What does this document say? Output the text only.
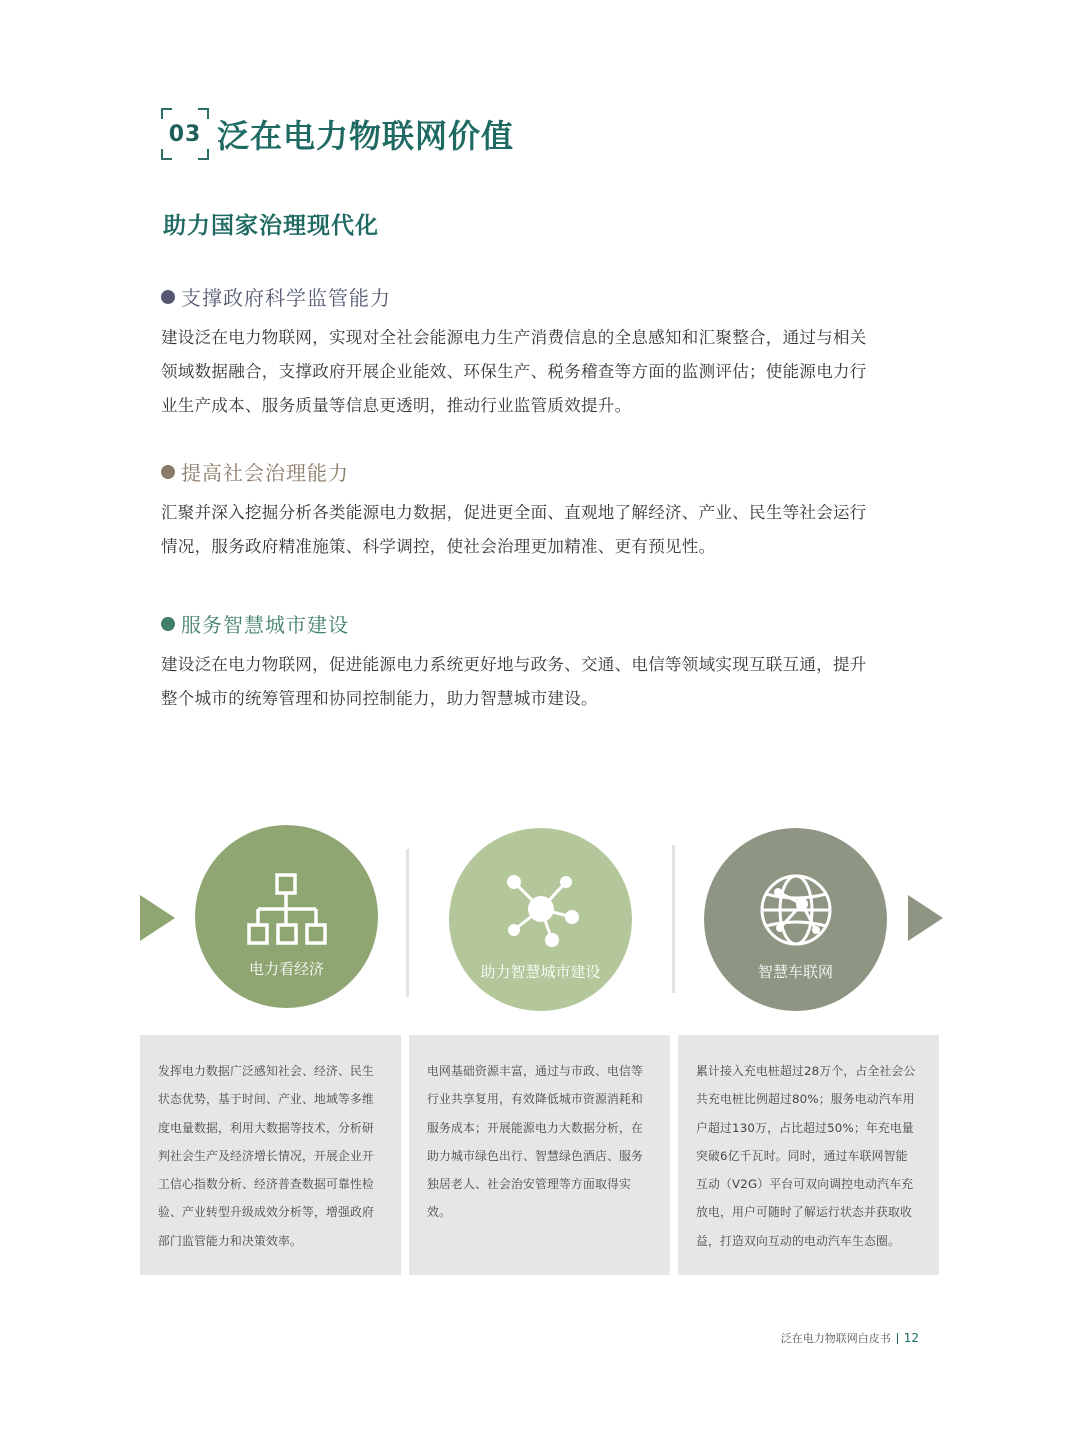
03 泛在电力物联网价值
助力国家治理现代化
支撑政府科学监管能力

建设泛在电力物联网，实现对全社会能源电力生产消费信息的全息感知和汇聚整合，通过与相关
领域数据融合，支撑政府开展企业能效、环保生产、税务稽查等方面的监测评估；使能源电力行
业生产成本、服务质量等信息更透明，推动行业监管质效提升。

提高社会治理能力

汇聚并深入挖掘分析各类能源电力数据，促进更全面、直观地了解经济、产业、民生等社会运行
情况，服务政府精准施策、科学调控，使社会治理更加精准、更有预见性。

服务智慧城市建设

建设泛在电力物联网，促进能源电力系统更好地与政务、交通、电信等领域实现互联互通，提升
整个城市的统筹管理和协同控制能力，助力智慧城市建设。

电力看经济	助力智慧城市建设	智慧车联网

发挥电力数据广泛感知社会、经济、民生
状态优势，基于时间、产业、地域等多维
度电量数据，利用大数据等技术，分析研
判社会生产及经济增长情况，开展企业开
工信心指数分析、经济普查数据可靠性检
验、产业转型升级成效分析等，增强政府
部门监管能力和决策效率。

电网基础资源丰富，通过与市政、电信等
行业共享复用，有效降低城市资源消耗和
服务成本；开展能源电力大数据分析，在
助力城市绿色出行、智慧绿色酒店、服务
独居老人、社会治安管理等方面取得实
效。

累计接入充电桩超过28万个，占全社会公
共充电桩比例超过80%；服务电动汽车用
户超过130万，占比超过50%；年充电量
突破6亿千瓦时。同时，通过车联网智能
互动（V2G）平台可双向调控电动汽车充
放电，用户可随时了解运行状态并获取收
益，打造双向互动的电动汽车生态圈。

泛在电力物联网白皮书 12
